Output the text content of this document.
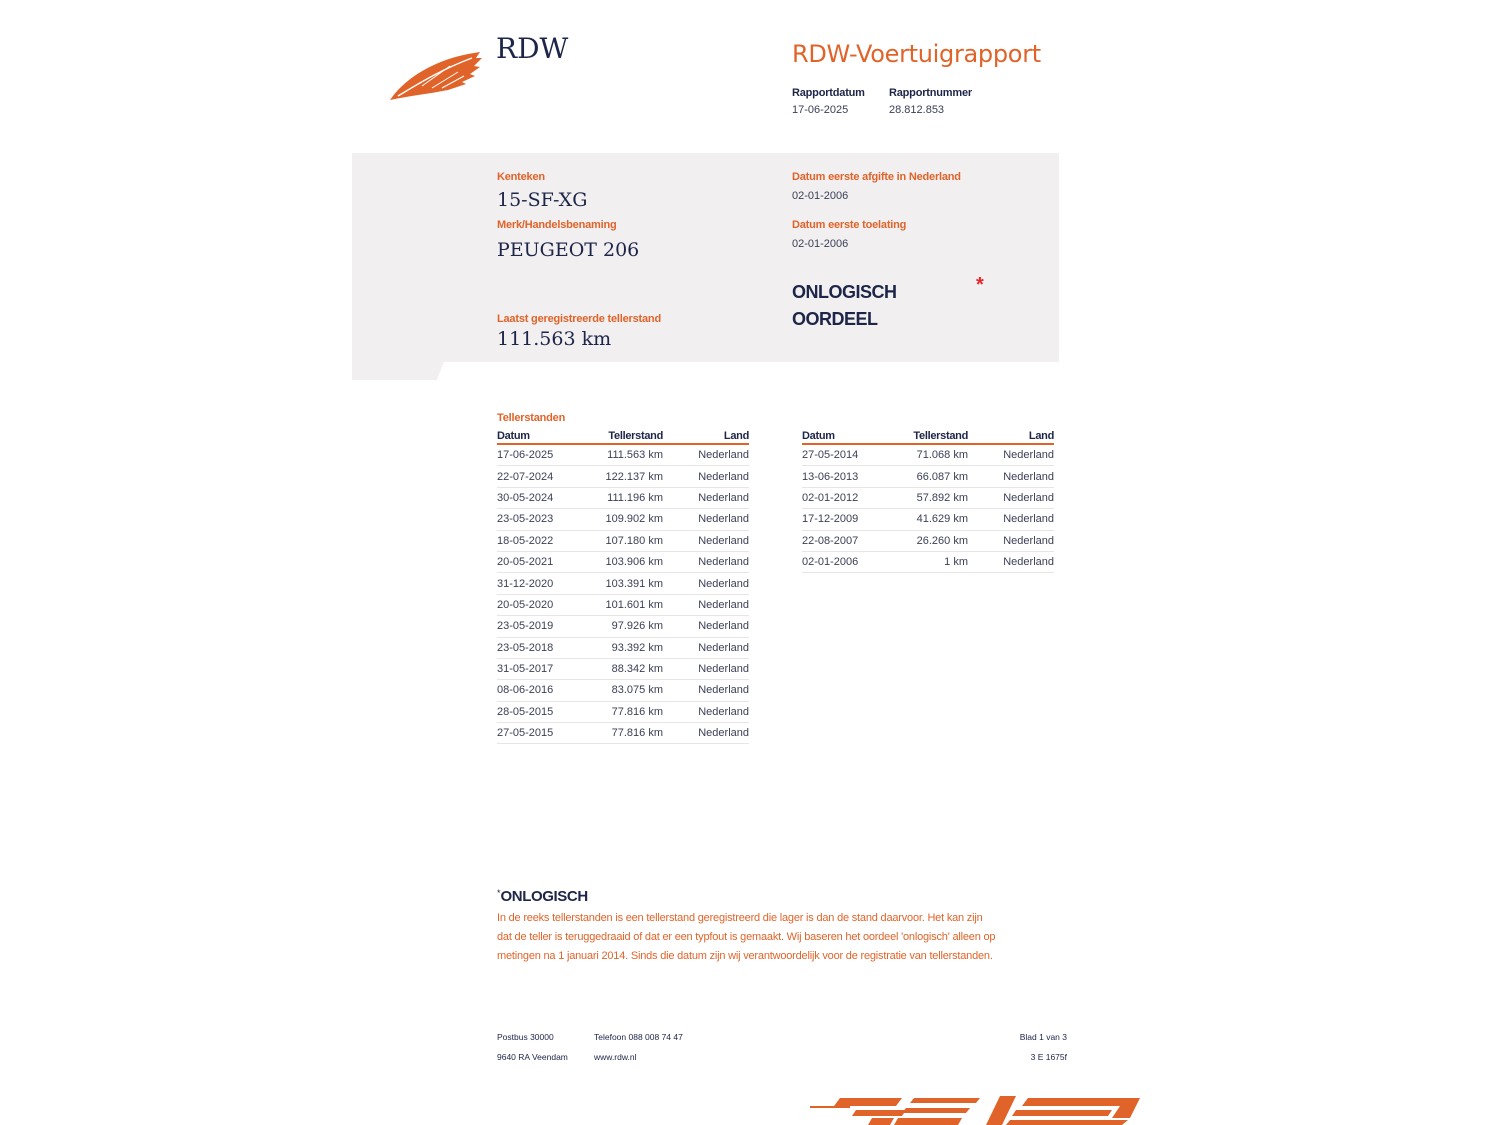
RDW	RDW-Voertuigrapport
Rapportdatum
17-06-2025
Rapportnummer
28.812.853
Kenteken
15-SF-XG
Merk/Handelsbenaming
PEUGEOT 206
Laatst geregistreerde tellerstand
111.563 km
Datum eerste afgifte in Nederland
02-01-2006
Datum eerste toelating
02-01-2006
ONLOGISCH
OORDEEL
*
Tellerstanden
Datum	Tellerstand	Land
17-06-2025	111.563 km	Nederland
22-07-2024	122.137 km	Nederland
30-05-2024	111.196 km	Nederland
23-05-2023	109.902 km	Nederland
18-05-2022	107.180 km	Nederland
20-05-2021	103.906 km	Nederland
31-12-2020	103.391 km	Nederland
20-05-2020	101.601 km	Nederland
23-05-2019	97.926 km	Nederland
23-05-2018	93.392 km	Nederland
31-05-2017	88.342 km	Nederland
08-06-2016	83.075 km	Nederland
28-05-2015	77.816 km	Nederland
27-05-2015	77.816 km	Nederland
Datum	Tellerstand	Land
27-05-2014	71.068 km	Nederland
13-06-2013	66.087 km	Nederland
02-01-2012	57.892 km	Nederland
17-12-2009	41.629 km	Nederland
22-08-2007	26.260 km	Nederland
02-01-2006	1 km	Nederland
*ONLOGISCH
In de reeks tellerstanden is een tellerstand geregistreerd die lager is dan de stand daarvoor. Het kan zijn
dat de teller is teruggedraaid of dat er een typfout is gemaakt. Wij baseren het oordeel 'onlogisch' alleen op
metingen na 1 januari 2014. Sinds die datum zijn wij verantwoordelijk voor de registratie van tellerstanden.
Postbus 30000
9640 RA Veendam
Telefoon 088 008 74 47
www.rdw.nl
Blad 1 van 3
3 E 1675f
